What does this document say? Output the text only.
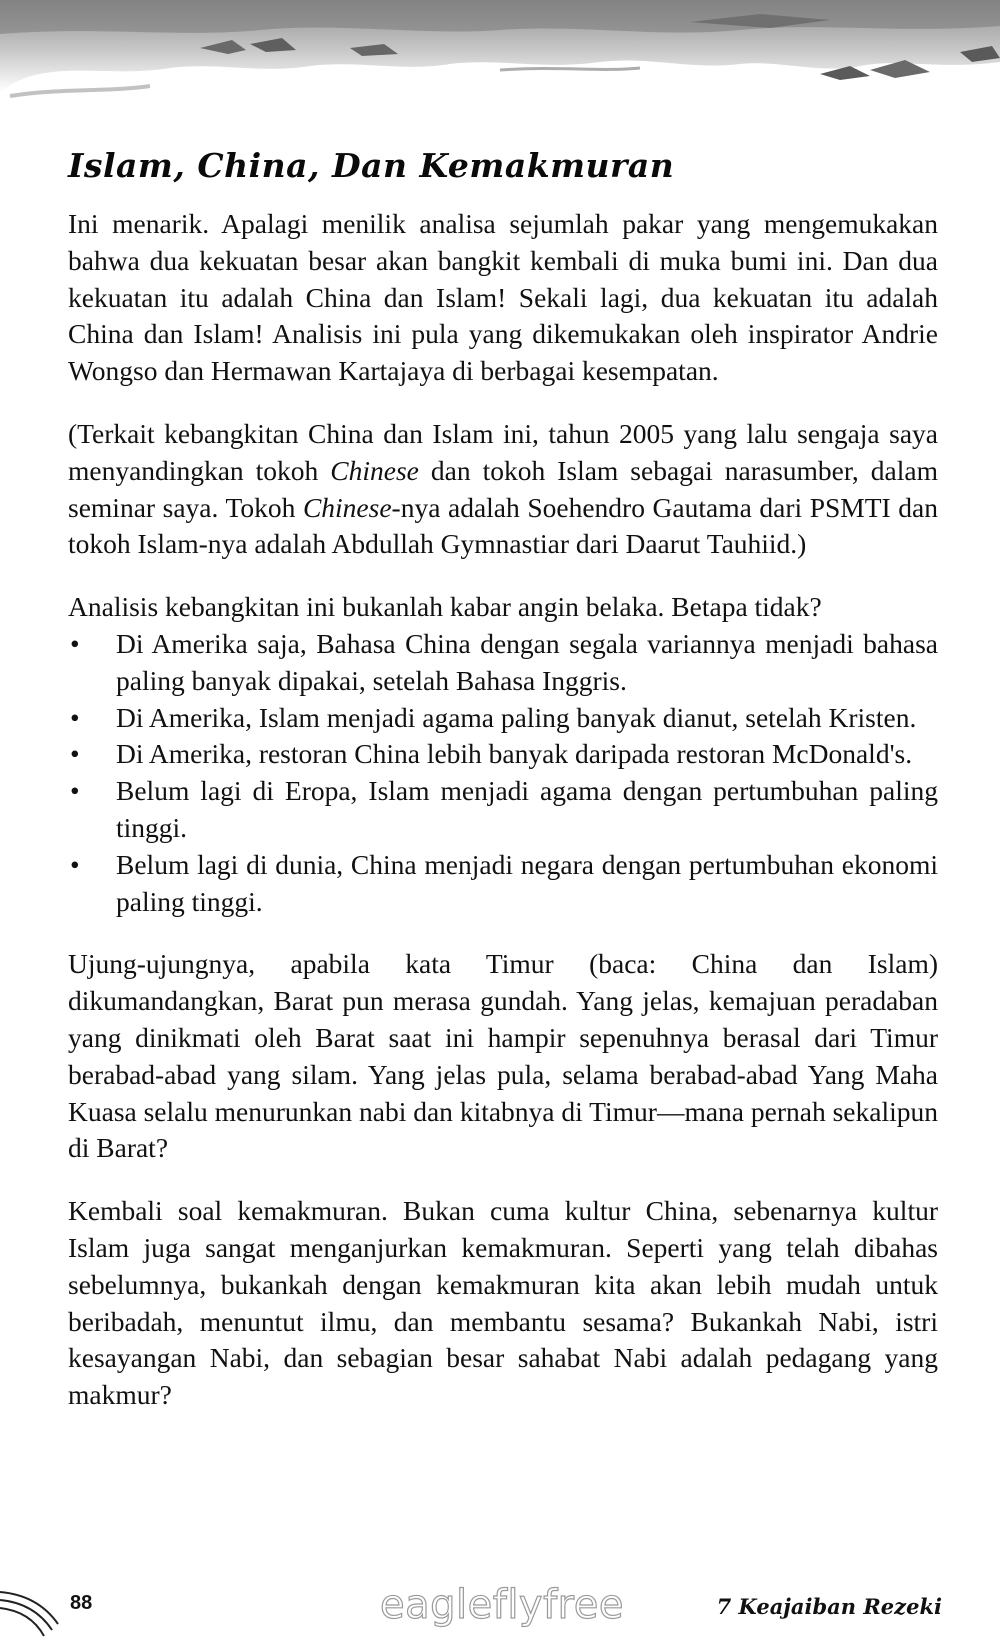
Islam, China, Dan Kemakmuran

Ini menarik. Apalagi menilik analisa sejumlah pakar yang mengemukakan bahwa dua kekuatan besar akan bangkit kembali di muka bumi ini. Dan dua kekuatan itu adalah China dan Islam! Sekali lagi, dua kekuatan itu adalah China dan Islam! Analisis ini pula yang dikemukakan oleh inspirator Andrie Wongso dan Hermawan Kartajaya di berbagai kesempatan.

(Terkait kebangkitan China dan Islam ini, tahun 2005 yang lalu sengaja saya menyandingkan tokoh Chinese dan tokoh Islam sebagai narasumber, dalam seminar saya. Tokoh Chinese-nya adalah Soehendro Gautama dari PSMTI dan tokoh Islam-nya adalah Abdullah Gymnastiar dari Daarut Tauhiid.)

Analisis kebangkitan ini bukanlah kabar angin belaka. Betapa tidak?

• Di Amerika saja, Bahasa China dengan segala variannya menjadi bahasa paling banyak dipakai, setelah Bahasa Inggris.
• Di Amerika, Islam menjadi agama paling banyak dianut, setelah Kristen.
• Di Amerika, restoran China lebih banyak daripada restoran McDonald's.
• Belum lagi di Eropa, Islam menjadi agama dengan pertumbuhan paling tinggi.
• Belum lagi di dunia, China menjadi negara dengan pertumbuhan ekonomi paling tinggi.

Ujung-ujungnya, apabila kata Timur (baca: China dan Islam) dikumandangkan, Barat pun merasa gundah. Yang jelas, kemajuan peradaban yang dinikmati oleh Barat saat ini hampir sepenuhnya berasal dari Timur berabad-abad yang silam. Yang jelas pula, selama berabad-abad Yang Maha Kuasa selalu menurunkan nabi dan kitabnya di Timur—mana pernah sekalipun di Barat?

Kembali soal kemakmuran. Bukan cuma kultur China, sebenarnya kultur Islam juga sangat menganjurkan kemakmuran. Seperti yang telah dibahas sebelumnya, bukankah dengan kemakmuran kita akan lebih mudah untuk beribadah, menuntut ilmu, dan membantu sesama? Bukankah Nabi, istri kesayangan Nabi, dan sebagian besar sahabat Nabi adalah pedagang yang makmur?

88	eagleflyfree	7 Keajaiban Rezeki
